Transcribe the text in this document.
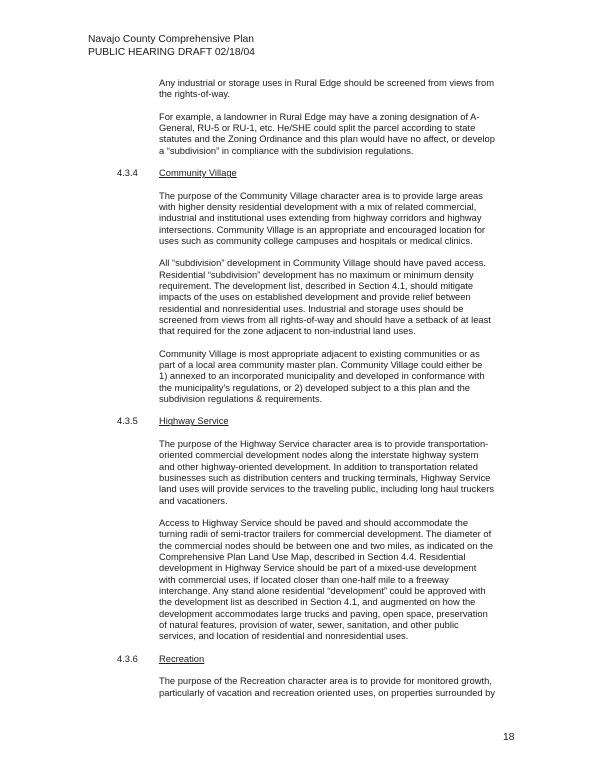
Navajo County Comprehensive Plan
PUBLIC HEARING DRAFT 02/18/04
Any industrial or storage uses in Rural Edge should be screened from views from
the rights-of-way.
For example, a landowner in Rural Edge may have a zoning designation of A-
General, RU-5 or RU-1, etc. He/SHE could split the parcel according to state
statutes and the Zoning Ordinance and this plan would have no affect, or develop
a “subdivision” in compliance with the subdivision regulations.
4.3.4 Community Village
The purpose of the Community Village character area is to provide large areas
with higher density residential development with a mix of related commercial,
industrial and institutional uses extending from highway corridors and highway
intersections. Community Village is an appropriate and encouraged location for
uses such as community college campuses and hospitals or medical clinics.
All “subdivision” development in Community Village should have paved access.
Residential “subdivision” development has no maximum or minimum density
requirement. The development list, described in Section 4.1, should mitigate
impacts of the uses on established development and provide relief between
residential and nonresidential uses. Industrial and storage uses should be
screened from views from all rights-of-way and should have a setback of at least
that required for the zone adjacent to non-industrial land uses.
Community Village is most appropriate adjacent to existing communities or as
part of a local area community master plan. Community Village could either be
1) annexed to an incorporated municipality and developed in conformance with
the municipality’s regulations, or 2) developed subject to a this plan and the
subdivision regulations & requirements.
4.3.5 Highway Service
The purpose of the Highway Service character area is to provide transportation-
oriented commercial development nodes along the interstate highway system
and other highway-oriented development. In addition to transportation related
businesses such as distribution centers and trucking terminals, Highway Service
land uses will provide services to the traveling public, including long haul truckers
and vacationers.
Access to Highway Service should be paved and should accommodate the
turning radii of semi-tractor trailers for commercial development. The diameter of
the commercial nodes should be between one and two miles, as indicated on the
Comprehensive Plan Land Use Map, described in Section 4.4. Residential
development in Highway Service should be part of a mixed-use development
with commercial uses, if located closer than one-half mile to a freeway
interchange. Any stand alone residential “development” could be approved with
the development list as described in Section 4.1, and augmented on how the
development accommodates large trucks and paving, open space, preservation
of natural features, provision of water, sewer, sanitation, and other public
services, and location of residential and nonresidential uses.
4.3.6 Recreation
The purpose of the Recreation character area is to provide for monitored growth,
particularly of vacation and recreation oriented uses, on properties surrounded by
18
